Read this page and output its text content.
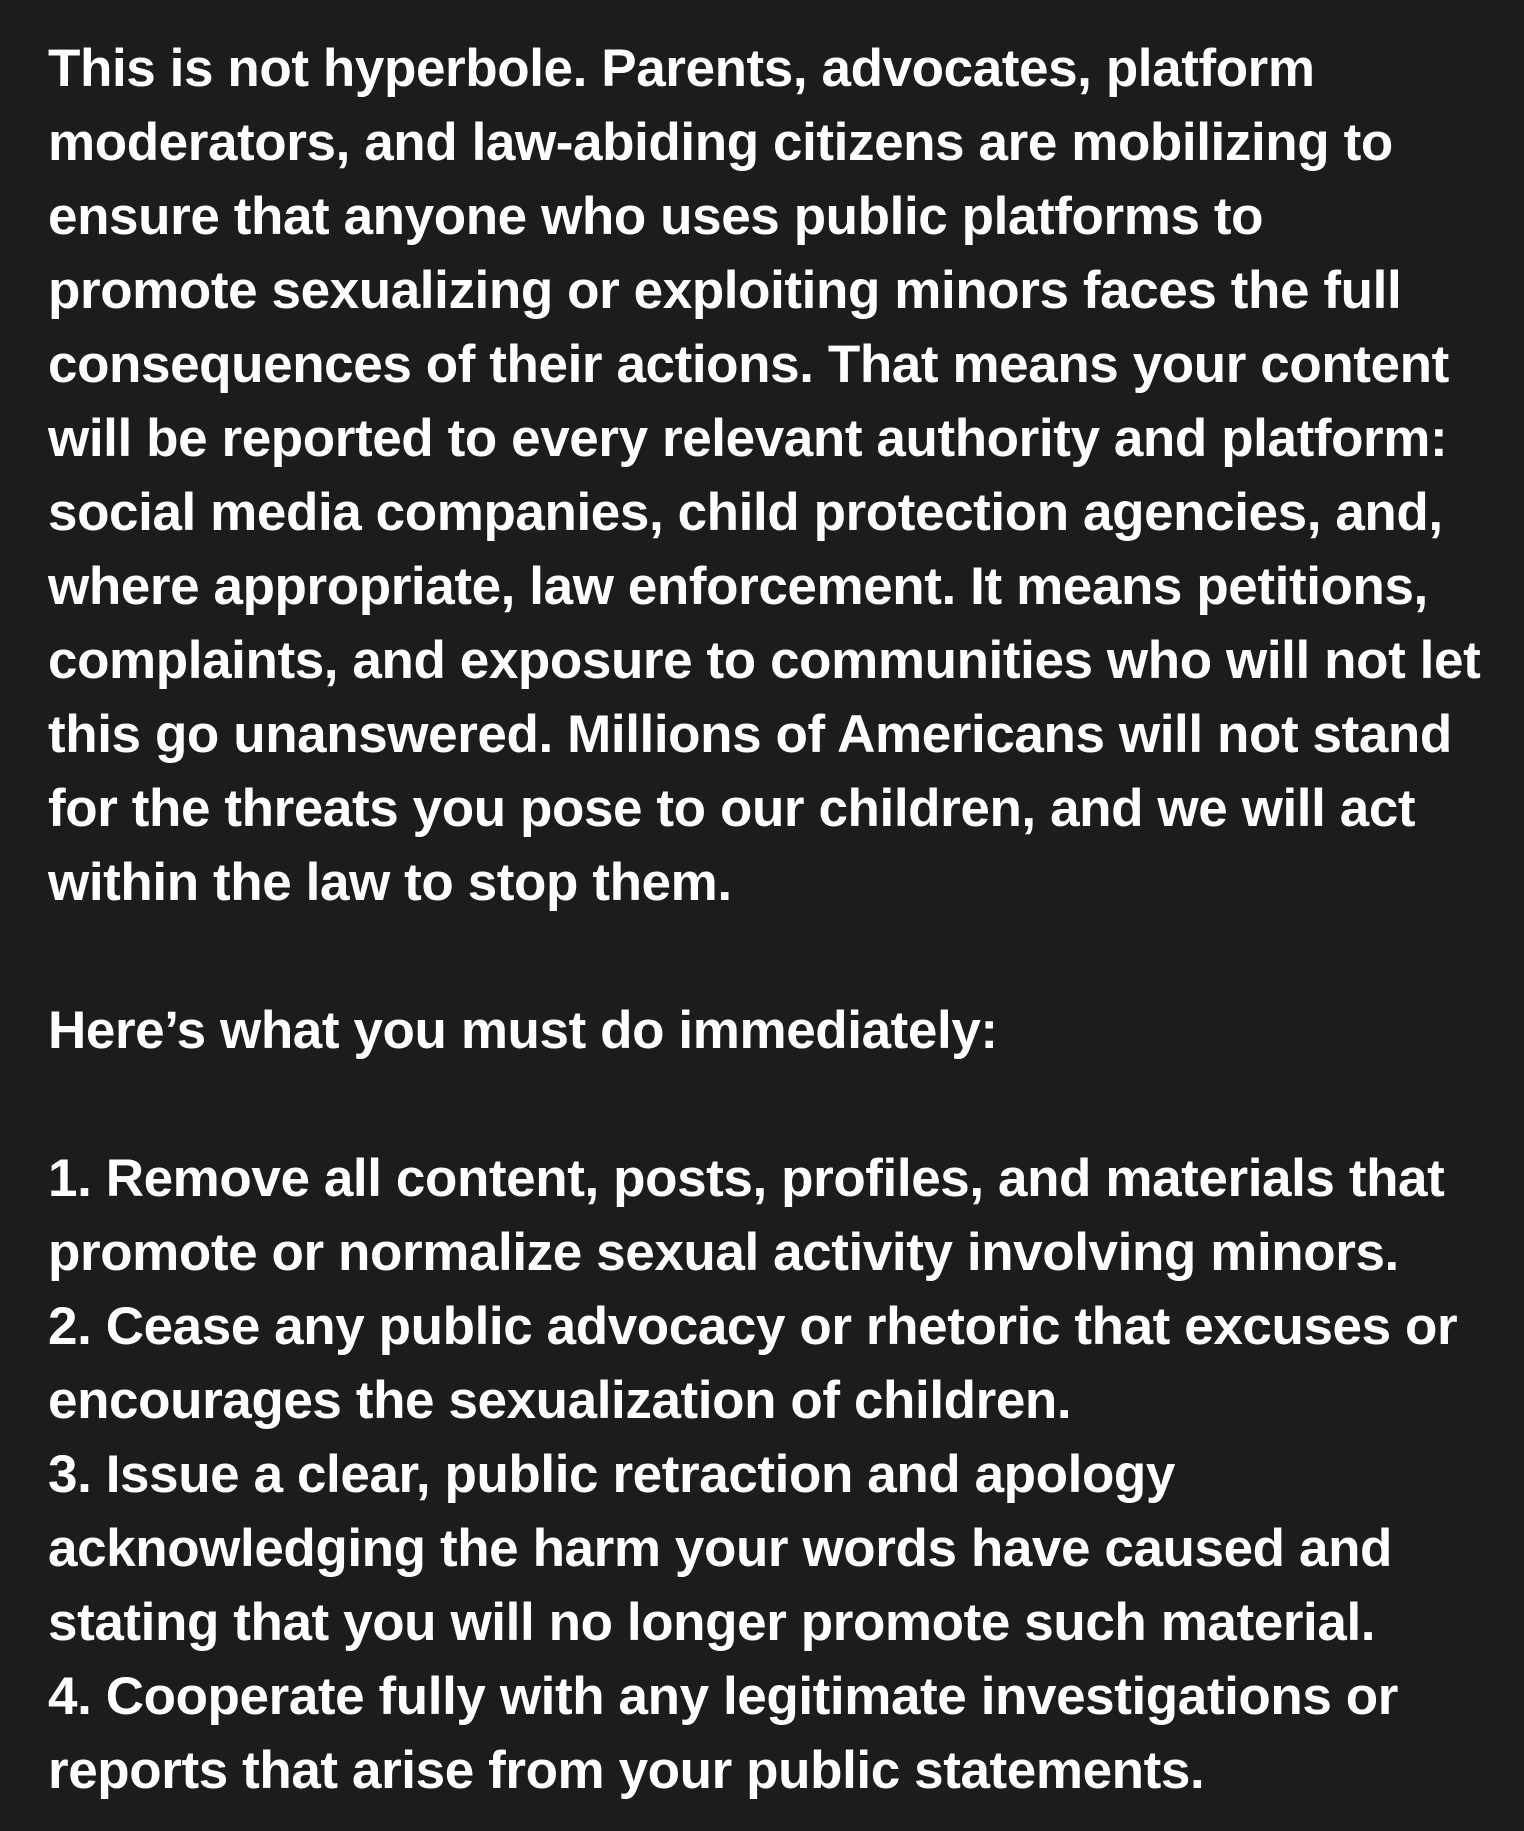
This is not hyperbole. Parents, advocates, platform
moderators, and law-abiding citizens are mobilizing to
ensure that anyone who uses public platforms to
promote sexualizing or exploiting minors faces the full
consequences of their actions. That means your content
will be reported to every relevant authority and platform:
social media companies, child protection agencies, and,
where appropriate, law enforcement. It means petitions,
complaints, and exposure to communities who will not let
this go unanswered. Millions of Americans will not stand
for the threats you pose to our children, and we will act
within the law to stop them.

Here’s what you must do immediately:

1. Remove all content, posts, profiles, and materials that
promote or normalize sexual activity involving minors.
2. Cease any public advocacy or rhetoric that excuses or
encourages the sexualization of children.
3. Issue a clear, public retraction and apology
acknowledging the harm your words have caused and
stating that you will no longer promote such material.
4. Cooperate fully with any legitimate investigations or
reports that arise from your public statements.
